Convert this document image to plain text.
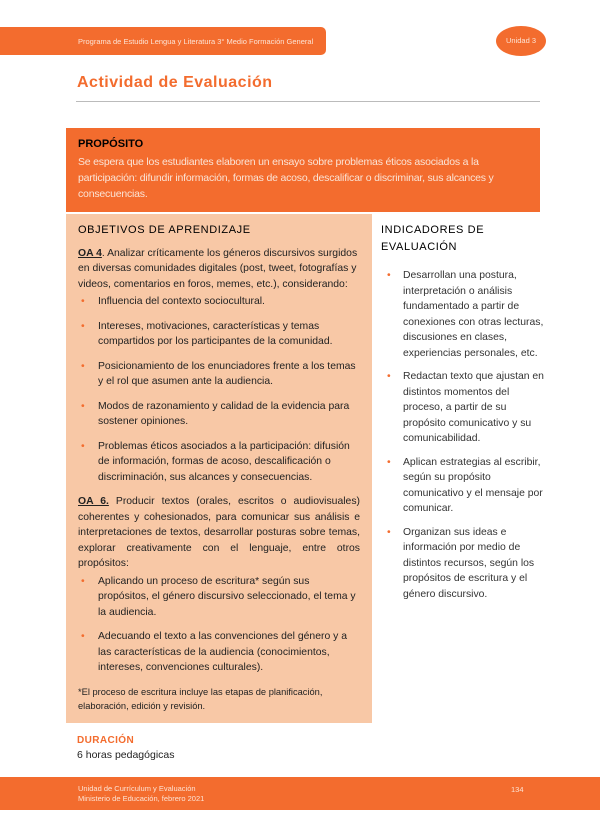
Programa de Estudio Lengua y Literatura 3° Medio Formación General	Unidad 3
Actividad de Evaluación
PROPÓSITO

Se espera que los estudiantes elaboren un ensayo sobre problemas éticos asociados a la participación: difundir información, formas de acoso, descalificar o discriminar, sus alcances y consecuencias.

OBJETIVOS DE APRENDIZAJE

OA 4. Analizar críticamente los géneros discursivos surgidos en diversas comunidades digitales (post, tweet, fotografías y videos, comentarios en foros, memes, etc.), considerando:

• Influencia del contexto sociocultural.
• Intereses, motivaciones, características y temas compartidos por los participantes de la comunidad.
• Posicionamiento de los enunciadores frente a los temas y el rol que asumen ante la audiencia.
• Modos de razonamiento y calidad de la evidencia para sostener opiniones.
• Problemas éticos asociados a la participación: difusión de información, formas de acoso, descalificación o discriminación, sus alcances y consecuencias.

OA 6. Producir textos (orales, escritos o audiovisuales) coherentes y cohesionados, para comunicar sus análisis e interpretaciones de textos, desarrollar posturas sobre temas, explorar creativamente con el lenguaje, entre otros propósitos:

• Aplicando un proceso de escritura* según sus propósitos, el género discursivo seleccionado, el tema y la audiencia.
• Adecuando el texto a las convenciones del género y a las características de la audiencia (conocimientos, intereses, convenciones culturales).

*El proceso de escritura incluye las etapas de planificación, elaboración, edición y revisión.

INDICADORES DE EVALUACIÓN
• Desarrollan una postura, interpretación o análisis fundamentado a partir de conexiones con otras lecturas, discusiones en clases, experiencias personales, etc.
• Redactan texto que ajustan en distintos momentos del proceso, a partir de su propósito comunicativo y su comunicabilidad.
• Aplican estrategias al escribir, según su propósito comunicativo y el mensaje por comunicar.
• Organizan sus ideas e información por medio de distintos recursos, según los propósitos de escritura y el género discursivo.
DURACIÓN
6 horas pedagógicas
Unidad de Currículum y Evaluación
Ministerio de Educación, febrero 2021
134
